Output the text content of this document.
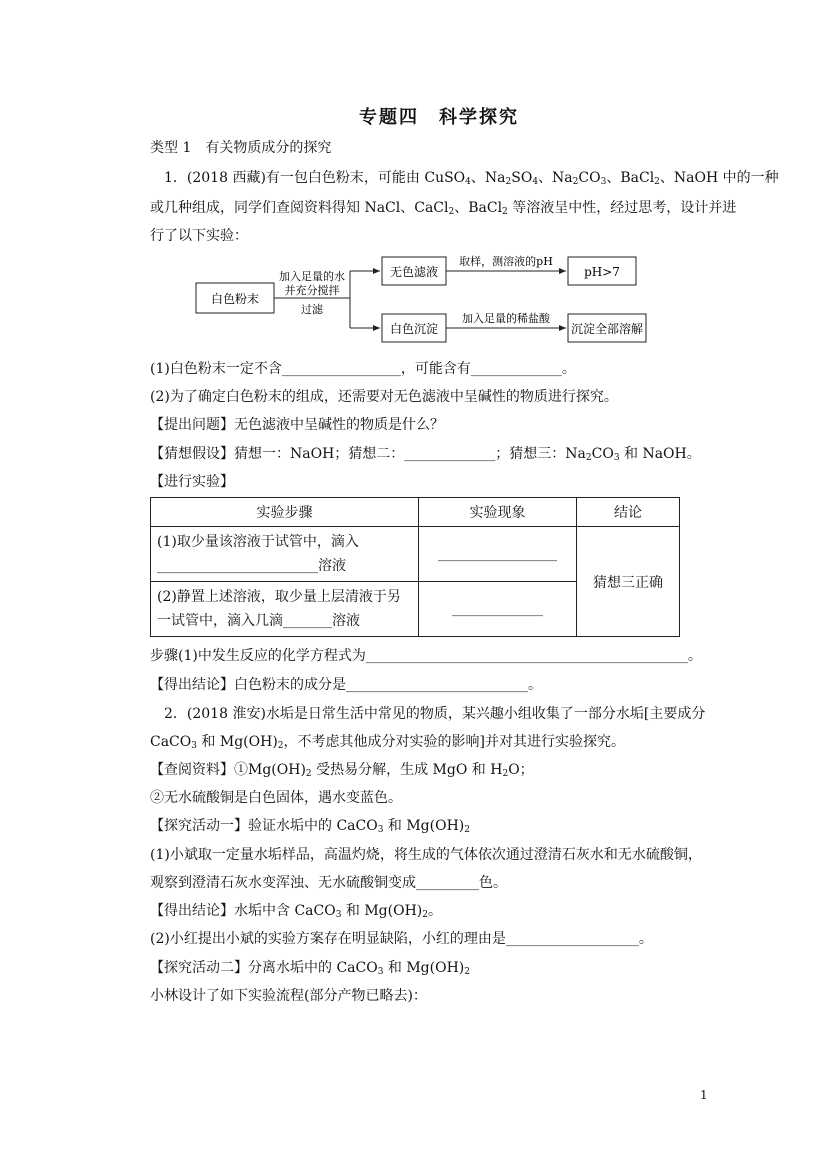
专题四　科学探究
类型 1　有关物质成分的探究
1．(2018 西藏)有一包白色粉末，可能由 CuSO$_4$、$Na_2SO_4$、$Na_2CO_3$、BaCl$_2$、NaOH 中的一种
或几种组成，同学们查阅资料得知 NaCl、CaCl$_2$、BaCl$_2$ 等溶液呈中性，经过思考，设计并进
行了以下实验：
白色粉末
加入足量的水
并充分搅拌
过滤
无色滤液
取样，测溶液的pH
pH>7
白色沉淀
加入足量的稀盐酸
沉淀全部溶解
(1)白色粉末一定不含_________________，可能含有_____________。
(2)为了确定白色粉末的组成，还需要对无色滤液中呈碱性的物质进行探究。
【提出问题】无色滤液中呈碱性的物质是什么？
【猜想假设】猜想一：NaOH；猜想二：_____________；猜想三：$Na_2CO_3$ 和 NaOH。
【进行实验】
实验步骤	实验现象	结论

(1)取少量该溶液于试管中，滴入
_______________________溶液	_________________	猜想三正确

(2)静置上述溶液，取少量上层清液于另
一试管中，滴入几滴_______溶液	_____________	
步骤(1)中发生反应的化学方程式为______________________________________________。
【得出结论】白色粉末的成分是__________________________。
2．(2018 淮安)水垢是日常生活中常见的物质，某兴趣小组收集了一部分水垢[主要成分
CaCO$_3$ 和 $Mg(OH)_2$，不考虑其他成分对实验的影响]并对其进行实验探究。
【查阅资料】$①Mg(OH)_2$ 受热易分解，生成 MgO 和 $H_2O$；
②无水硫酸铜是白色固体，遇水变蓝色。
【探究活动一】验证水垢中的 CaCO$_3$ 和 $Mg(OH)_2$
(1)小斌取一定量水垢样品，高温灼烧，将生成的气体依次通过澄清石灰水和无水硫酸铜，
观察到澄清石灰水变浑浊、无水硫酸铜变成_________色。
【得出结论】水垢中含 CaCO$_3$ 和 $Mg(OH)_2$。
(2)小红提出小斌的实验方案存在明显缺陷，小红的理由是___________________。
【探究活动二】分离水垢中的 CaCO$_3$ 和 $Mg(OH)_2$
小林设计了如下实验流程(部分产物已略去)：
1
